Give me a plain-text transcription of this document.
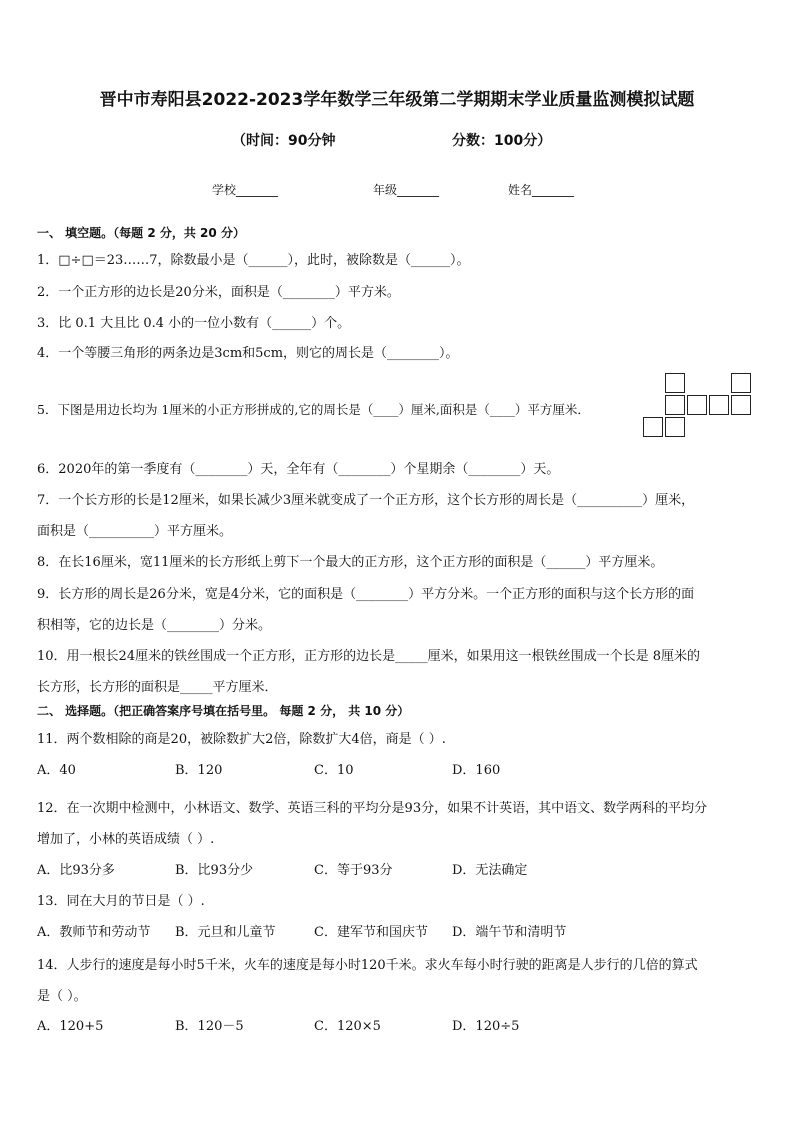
晋中市寿阳县2022-2023学年数学三年级第二学期期末学业质量监测模拟试题
（时间：90分钟	分数：100分）
学校_______	年级_______	姓名_______
一、 填空题。（每题 2 分，共 20 分）
1．□÷□＝23……7，除数最小是（______），此时，被除数是（______）。
2．一个正方形的边长是20分米，面积是（________）平方米。
3．比 0.1 大且比 0.4 小的一位小数有（______）个。
4．一个等腰三角形的两条边是3cm和5cm，则它的周长是（________）。
5．下图是用边长均为 1厘米的小正方形拼成的,它的周长是（____）厘米,面积是（____）平方厘米．
6．2020年的第一季度有（________）天，全年有（________）个星期余（________）天。
7．一个长方形的长是12厘米，如果长减少3厘米就变成了一个正方形，这个长方形的周长是（__________）厘米，
面积是（__________）平方厘米。
8．在长16厘米，宽11厘米的长方形纸上剪下一个最大的正方形，这个正方形的面积是（______）平方厘米。
9．长方形的周长是26分米，宽是4分米，它的面积是（________）平方分米。一个正方形的面积与这个长方形的面
积相等，它的边长是（________）分米。
10．用一根长24厘米的铁丝围成一个正方形，正方形的边长是_____厘米，如果用这一根铁丝围成一个长是 8厘米的
长方形，长方形的面积是_____平方厘米．
二、 选择题。（把正确答案序号填在括号里。 每题 2 分， 共 10 分）
11．两个数相除的商是20，被除数扩大2倍，除数扩大4倍，商是（ ）.
A．40	B．120	C．10	D．160
12．在一次期中检测中，小林语文、数学、英语三科的平均分是93分，如果不计英语，其中语文、数学两科的平均分
增加了，小林的英语成绩（ ）.
A．比93分多	B．比93分少	C．等于93分	D．无法确定
13．同在大月的节日是（ ）.
A．教师节和劳动节 B．元旦和儿童节	C．建军节和国庆节 D．端午节和清明节
14．人步行的速度是每小时5千米，火车的速度是每小时120千米。求火车每小时行驶的距离是人步行的几倍的算式
是（ ）。
A．120+5	B．120－5	C．120×5	D．120÷5
